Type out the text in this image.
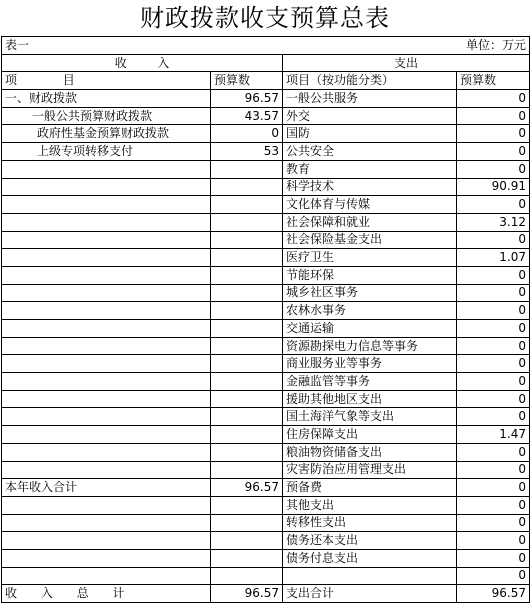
财政拨款收支预算总表
表一	单位：万元		
收        入		支出	
项            目	预算数	项目（按功能分类）	预算数
一、财政拨款	96.57	一般公共服务	0
一般公共预算财政拨款	43.57	外交	0
政府性基金预算财政拨款	0	国防	0
上级专项转移支付	53	公共安全	0
		教育	0
		科学技术	90.91
		文化体育与传媒	0
		社会保障和就业	3.12
		社会保险基金支出	0
		医疗卫生	1.07
		节能环保	0
		城乡社区事务	0
		农林水事务	0
		交通运输	0
		资源勘探电力信息等事务	0
		商业服务业等事务	0
		金融监管等事务	0
		援助其他地区支出	0
		国土海洋气象等支出	0
		住房保障支出	1.47
		粮油物资储备支出	0
		灾害防治应用管理支出	0
本年收入合计	96.57	预备费	0
		其他支出	0
		转移性支出	0
		债务还本支出	0
		债务付息支出	0
			0
收 入 总 计	96.57	支出合计	96.57
